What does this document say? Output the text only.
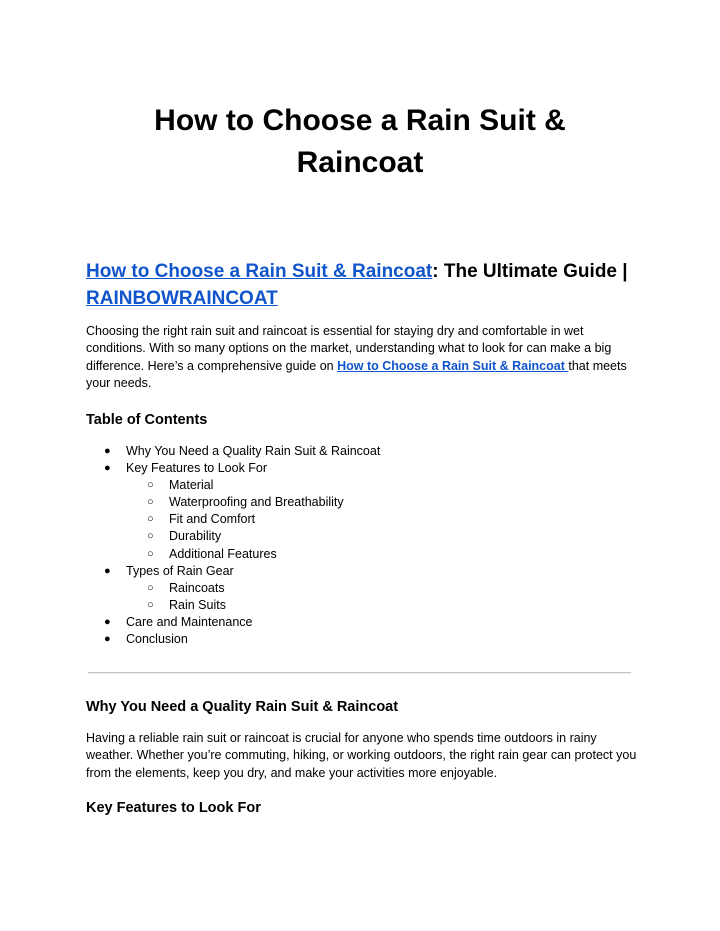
How to Choose a Rain Suit & Raincoat
How to Choose a Rain Suit & Raincoat: The Ultimate Guide | RAINBOWRAINCOAT

Choosing the right rain suit and raincoat is essential for staying dry and comfortable in wet conditions. With so many options on the market, understanding what to look for can make a big difference. Here’s a comprehensive guide on How to Choose a Rain Suit & Raincoat that meets your needs.

Table of Contents
● Why You Need a Quality Rain Suit & Raincoat
● Key Features to Look For
○ Material
○ Waterproofing and Breathability
○ Fit and Comfort
○ Durability
○ Additional Features
● Types of Rain Gear
○ Raincoats
○ Rain Suits
● Care and Maintenance
● Conclusion
Why You Need a Quality Rain Suit & Raincoat

Having a reliable rain suit or raincoat is crucial for anyone who spends time outdoors in rainy weather. Whether you’re commuting, hiking, or working outdoors, the right rain gear can protect you from the elements, keep you dry, and make your activities more enjoyable.

Key Features to Look For
